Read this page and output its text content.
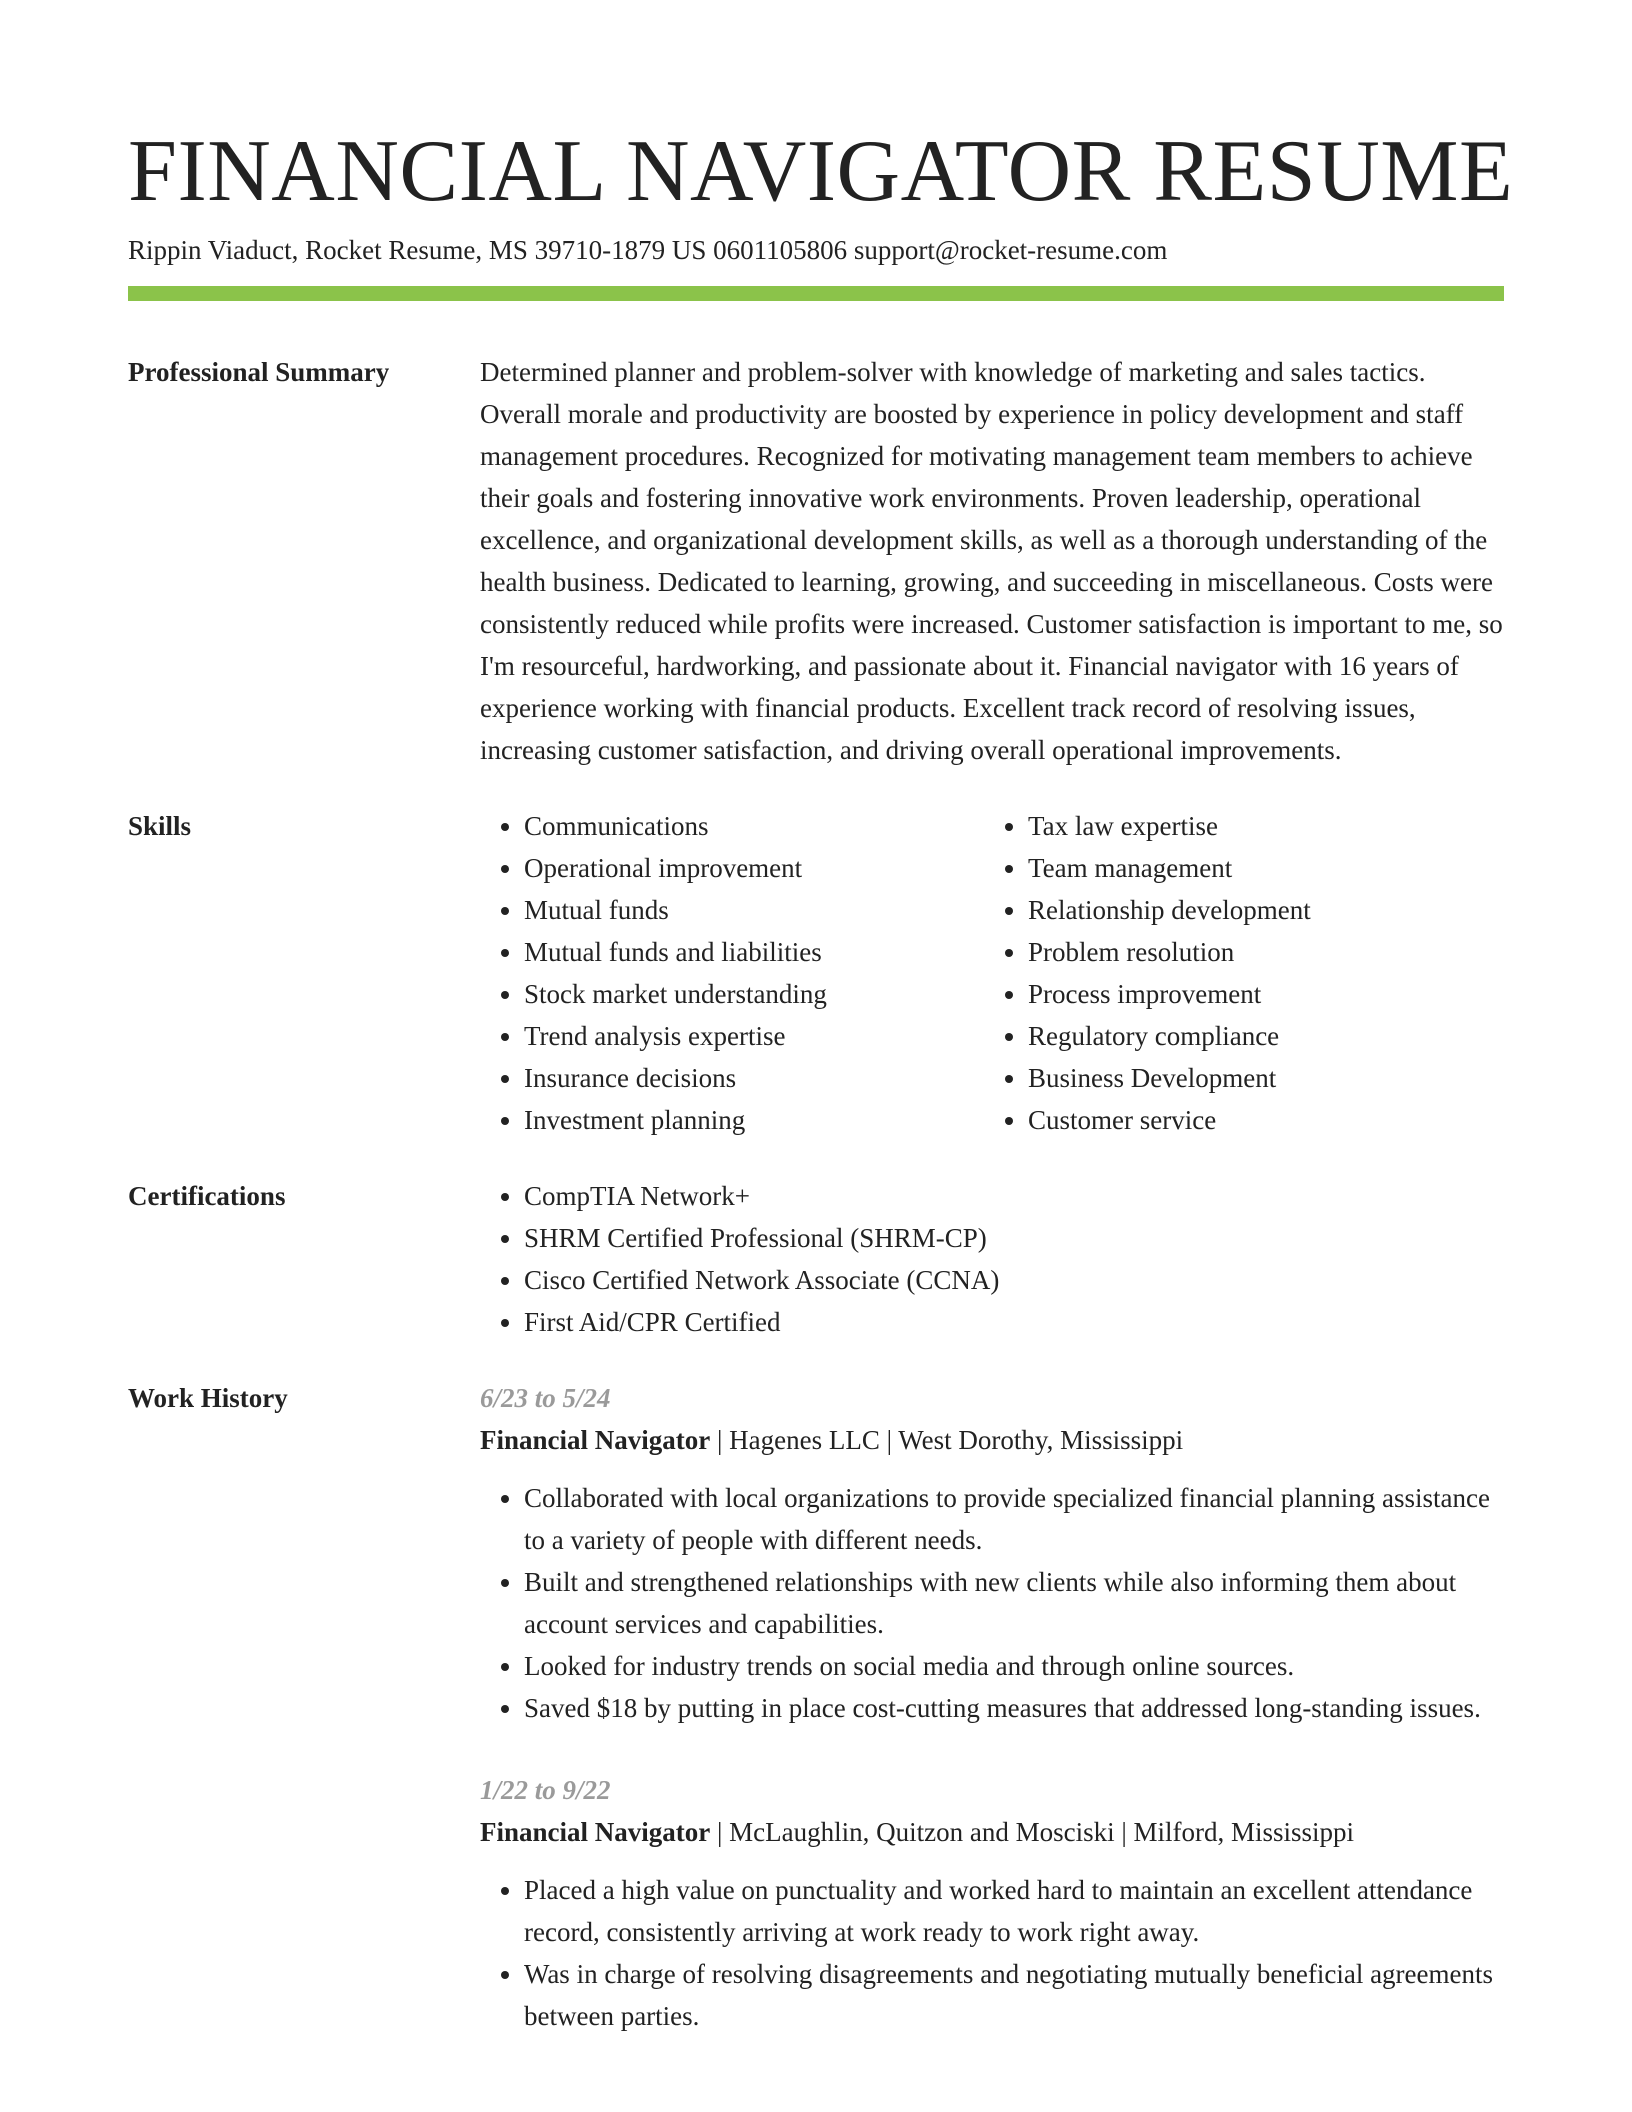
FINANCIAL NAVIGATOR RESUME
Rippin Viaduct, Rocket Resume, MS 39710-1879 US 0601105806 support@rocket-resume.com
Professional Summary	Determined planner and problem-solver with knowledge of marketing and sales tactics. Overall morale and productivity are boosted by experience in policy development and staff management procedures. Recognized for motivating management team members to achieve their goals and fostering innovative work environments. Proven leadership, operational excellence, and organizational development skills, as well as a thorough understanding of the health business. Dedicated to learning, growing, and succeeding in miscellaneous. Costs were consistently reduced while profits were increased. Customer satisfaction is important to me, so I'm resourceful, hardworking, and passionate about it. Financial navigator with 16 years of experience working with financial products. Excellent track record of resolving issues, increasing customer satisfaction, and driving overall operational improvements.

Skills	• Communications
• Operational improvement
• Mutual funds
• Mutual funds and liabilities
• Stock market understanding
• Trend analysis expertise
• Insurance decisions
• Investment planning
• Tax law expertise
• Team management
• Relationship development
• Problem resolution
• Process improvement
• Regulatory compliance
• Business Development
• Customer service
Certifications	• CompTIA Network+
• SHRM Certified Professional (SHRM-CP)
• Cisco Certified Network Associate (CCNA)
• First Aid/CPR Certified
Work History	6/23 to 5/24
Financial Navigator | Hagenes LLC | West Dorothy, Mississippi
• Collaborated with local organizations to provide specialized financial planning assistance to a variety of people with different needs.
• Built and strengthened relationships with new clients while also informing them about account services and capabilities.
• Looked for industry trends on social media and through online sources.
• Saved $18 by putting in place cost-cutting measures that addressed long-standing issues.
1/22 to 9/22
Financial Navigator | McLaughlin, Quitzon and Mosciski | Milford, Mississippi
• Placed a high value on punctuality and worked hard to maintain an excellent attendance record, consistently arriving at work ready to work right away.
• Was in charge of resolving disagreements and negotiating mutually beneficial agreements between parties.
